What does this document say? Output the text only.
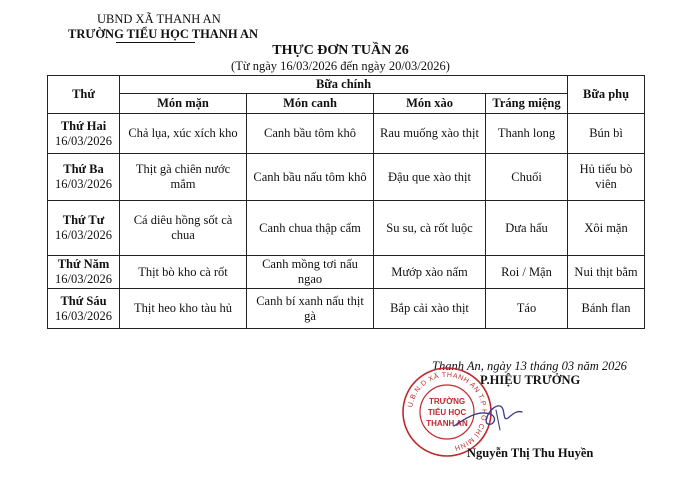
UBND XÃ THANH AN
TRƯỜNG TIỂU HỌC THANH AN
THỰC ĐƠN TUẦN 26
(Từ ngày 16/03/2026 đến ngày 20/03/2026)
Thứ	Bữa chính				Bữa phụ
	Món mặn	Món canh	Món xào	Tráng miệng	

Thứ Hai
16/03/2026	Chả lụa, xúc xích kho	Canh bầu tôm khô	Rau muống xào thịt	Thanh long	Bún bì

Thứ Ba
16/03/2026	Thịt gà chiên nước mắm	Canh bầu nấu tôm khô	Đậu que xào thịt	Chuối	Hủ tiếu bò viên

Thứ Tư
16/03/2026	Cá diêu hồng sốt cà chua	Canh chua thập cẩm	Su su, cà rốt luộc	Dưa hấu	Xôi mặn

Thứ Năm
16/03/2026	Thịt bò kho cà rốt	Canh mồng tơi nấu ngao	Mướp xào nấm	Roi / Mận	Nui thịt bằm

Thứ Sáu
16/03/2026	Thịt heo kho tàu hủ	Canh bí xanh nấu thịt gà	Bắp cải xào thịt	Táo	Bánh flan
Thanh An, ngày 13 tháng 03 năm 2026
P.HIỆU TRƯỞNG
U.B.N.D XÃ THANH AN T.P HỒ CHÍ MINH
TRƯỜNG
TIỂU HỌC
THANH AN
Nguyễn Thị Thu Huyền
